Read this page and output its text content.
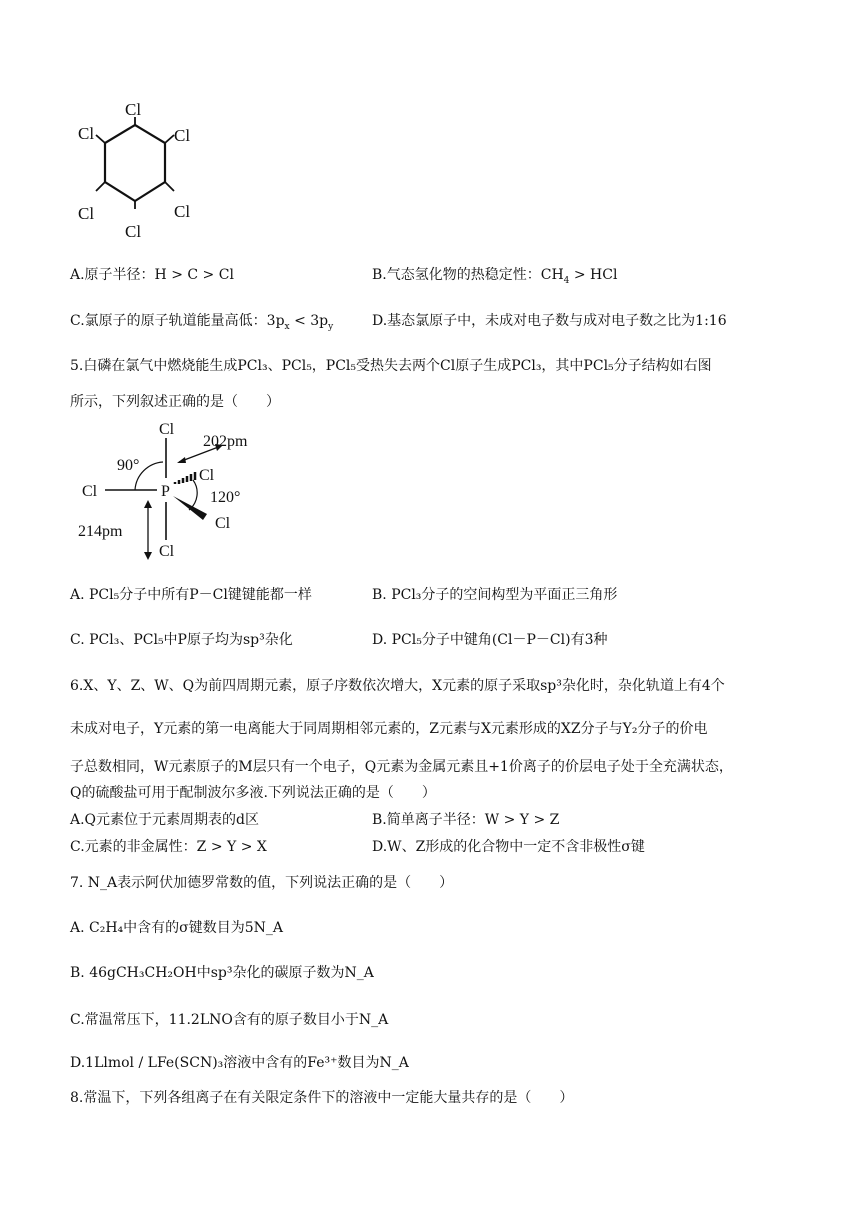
Cl
Cl
Cl
Cl	Cl
Cl
A.原子半径：H > C > Cl	B.气态氢化物的热稳定性：$CH_4$ > HCl
C.氯原子的原子轨道能量高低：$3p_x < 3p_y$	D.基态氯原子中，未成对电子数与成对电子数之比为1:16
5.白磷在氯气中燃烧能生成PCl₃、PCl₅，PCl₅受热失去两个Cl原子生成PCl₃，其中PCl₅分子结构如右图
所示，下列叙述正确的是（　　）
Cl
Cl	P
Cl
Cl
Cl
202pm
214pm
90°
120°
A. PCl₅分子中所有P－Cl键键能都一样	B. PCl₃分子的空间构型为平面正三角形
C. PCl₃、PCl₅中P原子均为sp³杂化	D. PCl₅分子中键角(Cl－P－Cl)有3种
6.X、Y、Z、W、Q为前四周期元素，原子序数依次增大，X元素的原子采取sp³杂化时，杂化轨道上有4个
未成对电子，Y元素的第一电离能大于同周期相邻元素的，Z元素与X元素形成的XZ分子与Y₂分子的价电
子总数相同，W元素原子的M层只有一个电子，Q元素为金属元素且+1价离子的价层电子处于全充满状态，
Q的硫酸盐可用于配制波尔多液.下列说法正确的是（　　）
A.Q元素位于元素周期表的d区	B.简单离子半径：W > Y > Z
C.元素的非金属性：Z > Y > X	D.W、Z形成的化合物中一定不含非极性σ键
7. N_A表示阿伏加德罗常数的值，下列说法正确的是（　　）
A. C₂H₄中含有的σ键数目为5N_A
B. 46gCH₃CH₂OH中sp³杂化的碳原子数为N_A
C.常温常压下，11.2LNO含有的原子数目小于N_A
D.1Llmol / LFe(SCN)₃溶液中含有的Fe³⁺数目为N_A
8.常温下，下列各组离子在有关限定条件下的溶液中一定能大量共存的是（　　）
